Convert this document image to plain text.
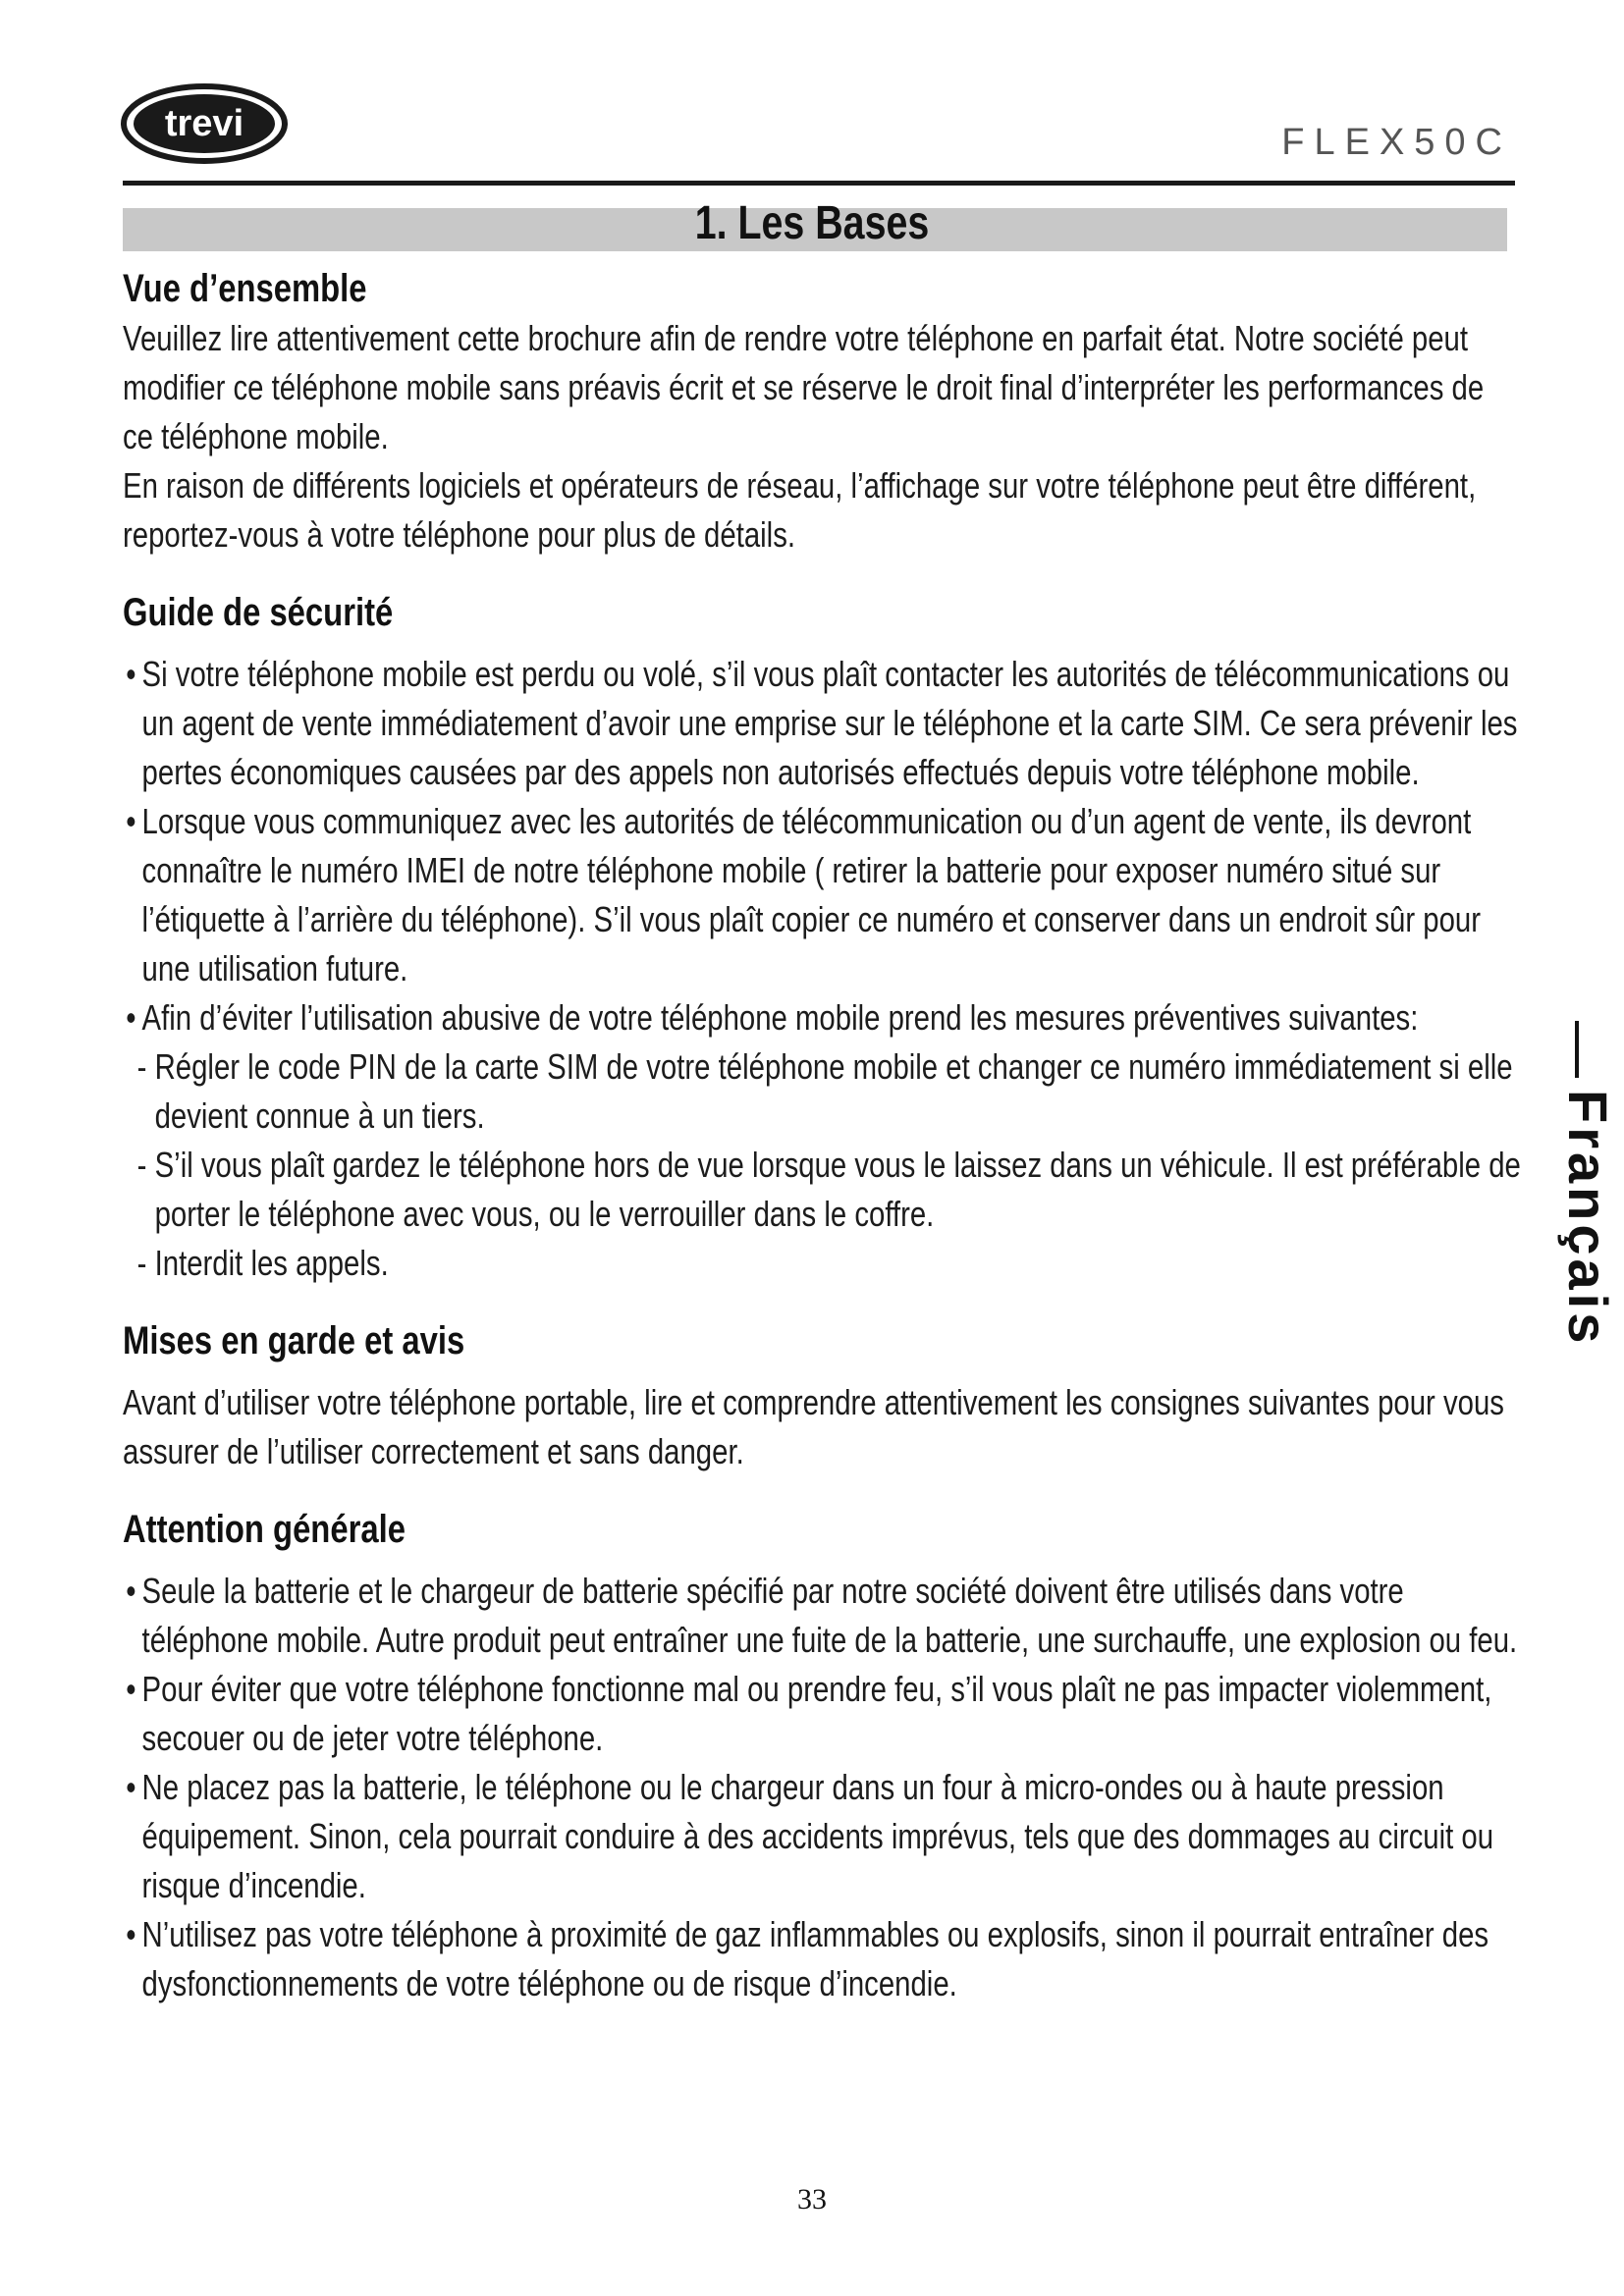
trevi	FLEX50C
1. Les Bases
Vue d’ensemble

Veuillez lire attentivement cette brochure afin de rendre votre téléphone en parfait état. Notre société peut modifier ce téléphone mobile sans préavis écrit et se réserve le droit final d’interpréter les performances de ce téléphone mobile.

En raison de différents logiciels et opérateurs de réseau, l’affichage sur votre téléphone peut être différent, reportez-vous à votre téléphone pour plus de détails.

Guide de sécurité
• Si votre téléphone mobile est perdu ou volé, s’il vous plaît contacter les autorités de télécommunications ou un agent de vente immédiatement d’avoir une emprise sur le téléphone et la carte SIM. Ce sera prévenir les pertes économiques causées par des appels non autorisés effectués depuis votre téléphone mobile.
• Lorsque vous communiquez avec les autorités de télécommunication ou d’un agent de vente, ils devront connaître le numéro IMEI de notre téléphone mobile ( retirer la batterie pour exposer numéro situé sur l’étiquette à l’arrière du téléphone). S’il vous plaît copier ce numéro et conserver dans un endroit sûr pour une utilisation future.
• Afin d’éviter l’utilisation abusive de votre téléphone mobile prend les mesures préventives suivantes:
- Régler le code PIN de la carte SIM de votre téléphone mobile et changer ce numéro immédiatement si elle devient connue à un tiers.
- S’il vous plaît gardez le téléphone hors de vue lorsque vous le laissez dans un véhicule. Il est préférable de porter le téléphone avec vous, ou le verrouiller dans le coffre.
- Interdit les appels.
Mises en garde et avis

Avant d’utiliser votre téléphone portable, lire et comprendre attentivement les consignes suivantes pour vous assurer de l’utiliser correctement et sans danger.

Attention générale
• Seule la batterie et le chargeur de batterie spécifié par notre société doivent être utilisés dans votre téléphone mobile. Autre produit peut entraîner une fuite de la batterie, une surchauffe, une explosion ou feu.
• Pour éviter que votre téléphone fonctionne mal ou prendre feu, s’il vous plaît ne pas impacter violemment, secouer ou de jeter votre téléphone.
• Ne placez pas la batterie, le téléphone ou le chargeur dans un four à micro-ondes ou à haute pression équipement. Sinon, cela pourrait conduire à des accidents imprévus, tels que des dommages au circuit ou risque d’incendie.
• N’utilisez pas votre téléphone à proximité de gaz inflammables ou explosifs, sinon il pourrait entraîner des dysfonctionnements de votre téléphone ou de risque d’incendie.
Français
33
